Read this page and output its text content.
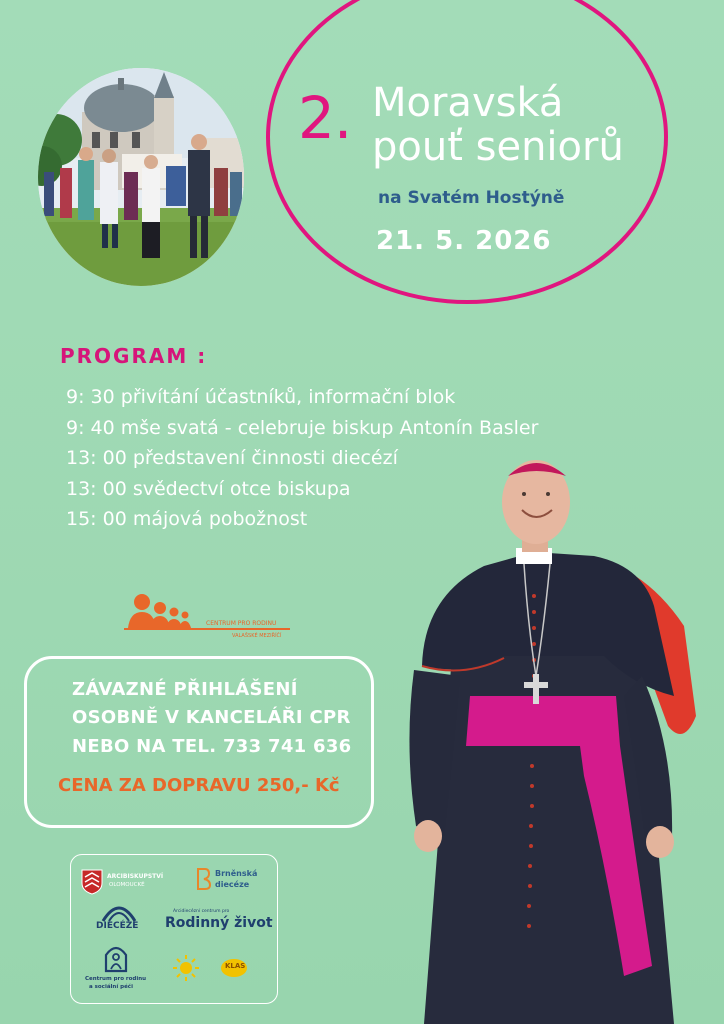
2. Moravská
pouť seniorů
na Svatém Hostýně
21. 5. 2026
PROGRAM :
9: 30 přivítání účastníků, informační blok
9: 40 mše svatá - celebruje biskup Antonín Basler
13: 00 představení činnosti diecézí
13: 00 svědectví otce biskupa
15: 00 májová pobožnost
CENTRUM PRO RODINU
VALAŠSKÉ MEZIŘÍČÍ
ZÁVAZNÉ PŘIHLÁŠENÍ
OSOBNĚ V KANCELÁŘI CPR
NEBO NA TEL. 733 741 636
CENA ZA DOPRAVU 250,- Kč
ARCIBISKUPSTVÍ
OLOMOUCKÉ
Brněnská
diecéze
DIECÉZE
Arcidiecézní centrum pro
Rodinný život
Centrum pro rodinu
a sociální péči
KLAS
